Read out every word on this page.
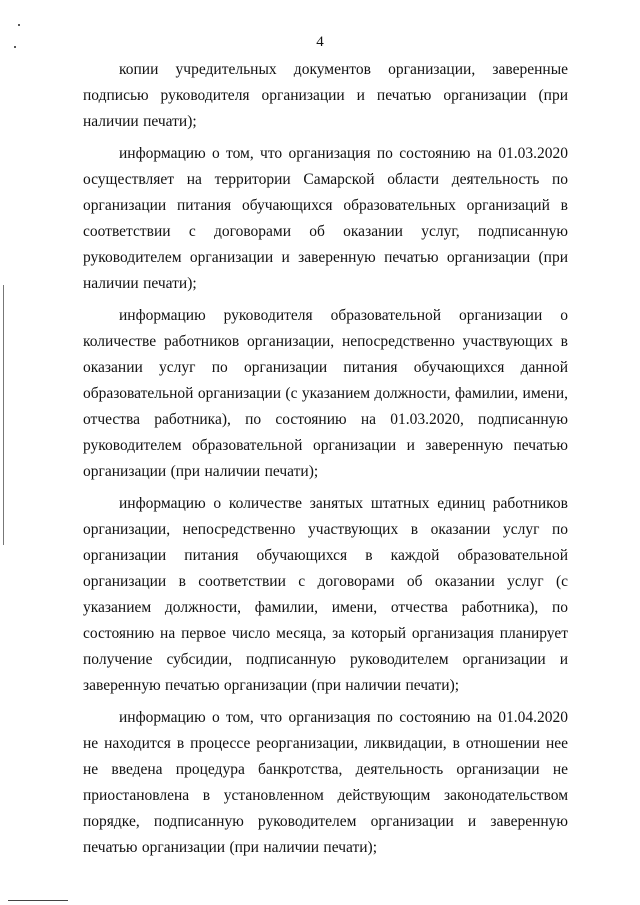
4

копии учредительных документов организации, заверенные подписью руководителя организации и печатью организации (при наличии печати);

информацию о том, что организация по состоянию на 01.03.2020 осуществляет на территории Самарской области деятельность по организации питания обучающихся образовательных организаций в соответствии с договорами об оказании услуг, подписанную руководителем организации и заверенную печатью организации (при наличии печати);

информацию руководителя образовательной организации о количестве работников организации, непосредственно участвующих в оказании услуг по организации питания обучающихся данной образовательной организации (с указанием должности, фамилии, имени, отчества работника), по состоянию на 01.03.2020, подписанную руководителем образовательной организации и заверенную печатью организации (при наличии печати);

информацию о количестве занятых штатных единиц работников организации, непосредственно участвующих в оказании услуг по организации питания обучающихся в каждой образовательной организации в соответствии с договорами об оказании услуг (с указанием должности, фамилии, имени, отчества работника), по состоянию на первое число месяца, за который организация планирует получение субсидии, подписанную руководителем организации и заверенную печатью организации (при наличии печати);

информацию о том, что организация по состоянию на 01.04.2020 не находится в процессе реорганизации, ликвидации, в отношении нее не введена процедура банкротства, деятельность организации не приостановлена в установленном действующим законодательством порядке, подписанную руководителем организации и заверенную печатью организации (при наличии печати);
